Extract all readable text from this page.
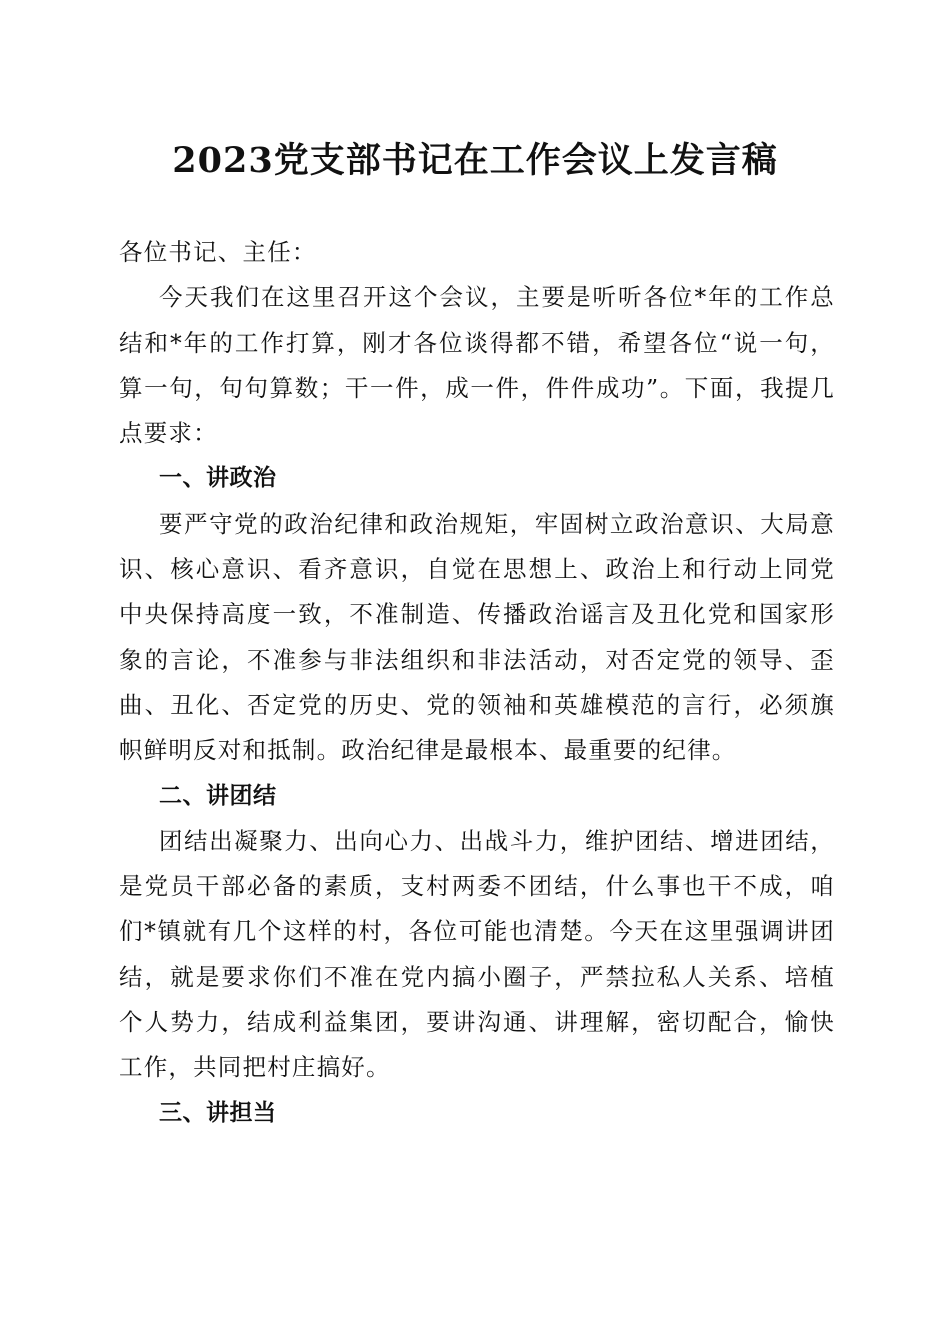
2023党支部书记在工作会议上发言稿

各位书记、主任：

今天我们在这里召开这个会议，主要是听听各位*年的工作总结和*年的工作打算，刚才各位谈得都不错，希望各位“说一句，算一句，句句算数；干一件，成一件，件件成功”。下面，我提几点要求：

一、讲政治

要严守党的政治纪律和政治规矩，牢固树立政治意识、大局意识、核心意识、看齐意识，自觉在思想上、政治上和行动上同党中央保持高度一致，不准制造、传播政治谣言及丑化党和国家形象的言论，不准参与非法组织和非法活动，对否定党的领导、歪曲、丑化、否定党的历史、党的领袖和英雄模范的言行，必须旗帜鲜明反对和抵制。政治纪律是最根本、最重要的纪律。

二、讲团结

团结出凝聚力、出向心力、出战斗力，维护团结、增进团结，是党员干部必备的素质，支村两委不团结，什么事也干不成，咱们*镇就有几个这样的村，各位可能也清楚。今天在这里强调讲团结，就是要求你们不准在党内搞小圈子，严禁拉私人关系、培植个人势力，结成利益集团，要讲沟通、讲理解，密切配合，愉快工作，共同把村庄搞好。

三、讲担当
